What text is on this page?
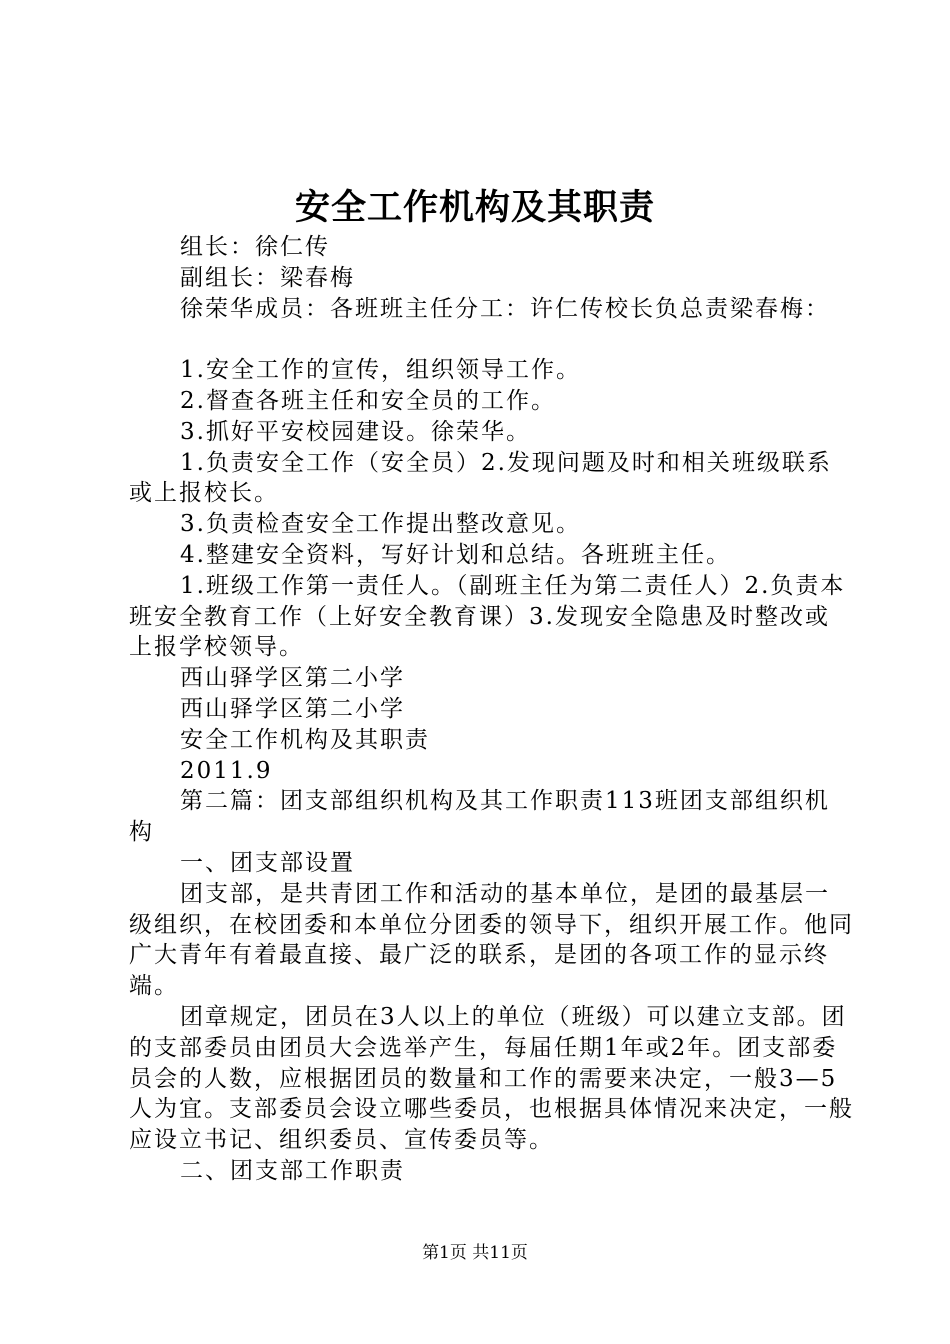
安全工作机构及其职责

组长：徐仁传

副组长：梁春梅

徐荣华成员：各班班主任分工：许仁传校长负总责梁春梅：

1.安全工作的宣传，组织领导工作。

2.督查各班主任和安全员的工作。

3.抓好平安校园建设。徐荣华。

1.负责安全工作（安全员）2.发现问题及时和相关班级联系或上报校长。

3.负责检查安全工作提出整改意见。

4.整建安全资料，写好计划和总结。各班班主任。

1.班级工作第一责任人。（副班主任为第二责任人）2.负责本班安全教育工作（上好安全教育课）3.发现安全隐患及时整改或上报学校领导。

西山驿学区第二小学

西山驿学区第二小学

安全工作机构及其职责

2011.9

第二篇：团支部组织机构及其工作职责113班团支部组织机构

一、团支部设置

团支部，是共青团工作和活动的基本单位，是团的最基层一级组织，在校团委和本单位分团委的领导下，组织开展工作。他同广大青年有着最直接、最广泛的联系，是团的各项工作的显示终端。

团章规定，团员在3人以上的单位（班级）可以建立支部。团的支部委员由团员大会选举产生，每届任期1年或2年。团支部委员会的人数，应根据团员的数量和工作的需要来决定，一般3—5人为宜。支部委员会设立哪些委员，也根据具体情况来决定，一般应设立书记、组织委员、宣传委员等。

二、团支部工作职责

第1页 共11页
